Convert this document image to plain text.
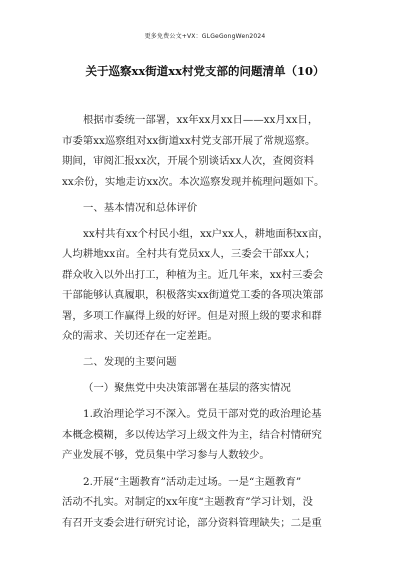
更多免费公文+VX：GLGeGongWen2024
关于巡察xx街道xx村党支部的问题清单（10）
根据市委统一部署，xx年xx月xx日——xx月xx日，
市委第xx巡察组对xx街道xx村党支部开展了常规巡察。
期间，审阅汇报xx次，开展个别谈话xx人次，查阅资料
xx余份，实地走访xx次。本次巡察发现并梳理问题如下。
一、基本情况和总体评价
xx村共有xx个村民小组，xx户xx人，耕地面积xx亩，
人均耕地xx亩。全村共有党员xx人，三委会干部xx人；
群众收入以外出打工，种植为主。近几年来，xx村三委会
干部能够认真履职，积极落实xx街道党工委的各项决策部
署，多项工作赢得上级的好评。但是对照上级的要求和群
众的需求、关切还存在一定差距。
二、发现的主要问题
（一）聚焦党中央决策部署在基层的落实情况
1.政治理论学习不深入。党员干部对党的政治理论基
本概念模糊，多以传达学习上级文件为主，结合村情研究
产业发展不够，党员集中学习参与人数较少。
2.开展“主题教育”活动走过场。一是“主题教育”
活动不扎实。对制定的xx年度“主题教育”学习计划，没
有召开支委会进行研究讨论，部分资料管理缺失；二是重
